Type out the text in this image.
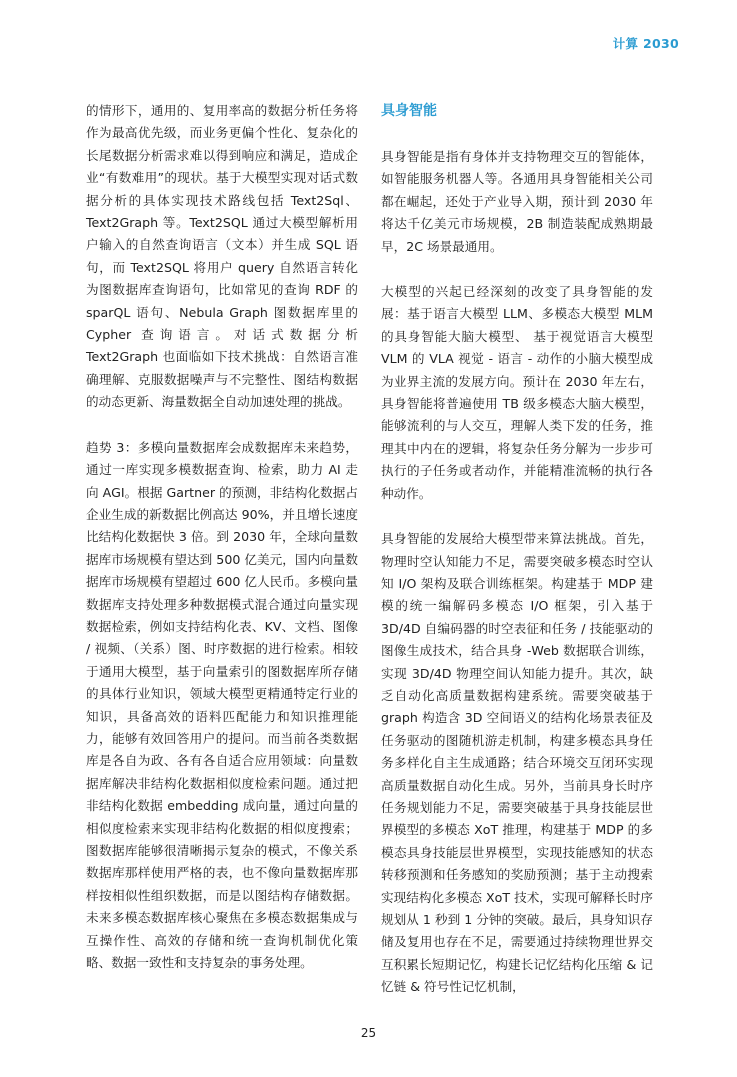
计算 2030

的情形下，通用的、复用率高的数据分析任务将作为最高优先级，而业务更偏个性化、复杂化的长尾数据分析需求难以得到响应和满足，造成企业“有数难用”的现状。基于大模型实现对话式数据分析的具体实现技术路线包括 Text2Sql、Text2Graph 等。Text2SQL 通过大模型解析用户输入的自然查询语言（文本）并生成 SQL 语句，而 Text2SQL 将用户 query 自然语言转化为图数据库查询语句，比如常见的查询 RDF 的 sparQL 语句、Nebula Graph 图数据库里的 Cypher 查询语言。对话式数据分析 Text2Graph 也面临如下技术挑战：自然语言准确理解、克服数据噪声与不完整性、图结构数据的动态更新、海量数据全自动加速处理的挑战。

趋势 3：多模向量数据库会成数据库未来趋势，通过一库实现多模数据查询、检索，助力 AI 走向 AGI。根据 Gartner 的预测，非结构化数据占企业生成的新数据比例高达 90%，并且增长速度比结构化数据快 3 倍。到 2030 年，全球向量数据库市场规模有望达到 500 亿美元，国内向量数据库市场规模有望超过 600 亿人民币。多模向量数据库支持处理多种数据模式混合通过向量实现数据检索，例如支持结构化表、KV、文档、图像 / 视频、（关系）图、时序数据的进行检索。相较于通用大模型，基于向量索引的图数据库所存储的具体行业知识，领域大模型更精通特定行业的知识，具备高效的语料匹配能力和知识推理能力，能够有效回答用户的提问。而当前各类数据库是各自为政、各有各自适合应用领域：向量数据库解决非结构化数据相似度检索问题。通过把非结构化数据 embedding 成向量，通过向量的相似度检索来实现非结构化数据的相似度搜索；图数据库能够很清晰揭示复杂的模式，不像关系数据库那样使用严格的表，也不像向量数据库那样按相似性组织数据，而是以图结构存储数据。未来多模态数据库核心聚焦在多模态数据集成与互操作性、高效的存储和统一查询机制优化策略、数据一致性和支持复杂的事务处理。

具身智能

具身智能是指有身体并支持物理交互的智能体，如智能服务机器人等。各通用具身智能相关公司都在崛起，还处于产业导入期，预计到 2030 年将达千亿美元市场规模，2B 制造装配成熟期最早，2C 场景最通用。

大模型的兴起已经深刻的改变了具身智能的发展：基于语言大模型 LLM、多模态大模型 MLM 的具身智能大脑大模型、 基于视觉语言大模型 VLM 的 VLA 视觉 - 语言 - 动作的小脑大模型成为业界主流的发展方向。预计在 2030 年左右，具身智能将普遍使用 TB 级多模态大脑大模型，能够流利的与人交互，理解人类下发的任务，推理其中内在的逻辑，将复杂任务分解为一步步可执行的子任务或者动作，并能精准流畅的执行各种动作。

具身智能的发展给大模型带来算法挑战。首先，物理时空认知能力不足，需要突破多模态时空认知 I/O 架构及联合训练框架。构建基于 MDP 建模的统一编解码多模态 I/O 框架，引入基于 3D/4D 自编码器的时空表征和任务 / 技能驱动的图像生成技术，结合具身 -Web 数据联合训练，实现 3D/4D 物理空间认知能力提升。其次，缺乏自动化高质量数据构建系统。需要突破基于 graph 构造含 3D 空间语义的结构化场景表征及任务驱动的图随机游走机制，构建多模态具身任务多样化自主生成通路；结合环境交互闭环实现高质量数据自动化生成。另外，当前具身长时序任务规划能力不足，需要突破基于具身技能层世界模型的多模态 XoT 推理，构建基于 MDP 的多模态具身技能层世界模型，实现技能感知的状态转移预测和任务感知的奖励预测；基于主动搜索实现结构化多模态 XoT 技术，实现可解释长时序规划从 1 秒到 1 分钟的突破。最后，具身知识存储及复用也存在不足，需要通过持续物理世界交互积累长短期记忆，构建长记忆结构化压缩 & 记忆链 & 符号性记忆机制，

25
